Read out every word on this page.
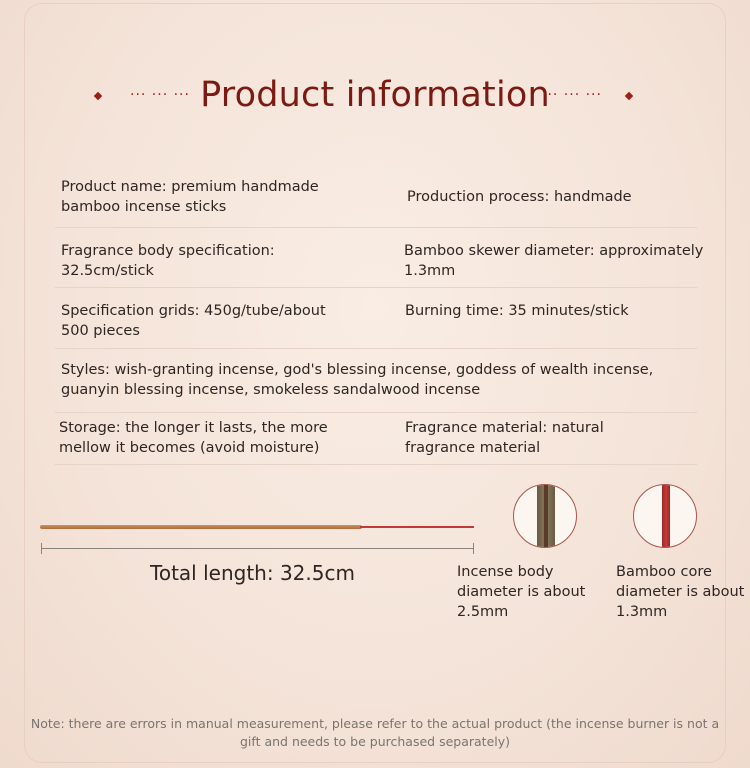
··· ··· ··· Product information
··· ··· ···
Product name: premium handmade bamboo incense sticks
Production process: handmade
Fragrance body specification: 32.5cm/stick
Bamboo skewer diameter: approximately 1.3mm
Specification grids: 450g/tube/about 500 pieces
Burning time: 35 minutes/stick
Styles: wish-granting incense, god's blessing incense, goddess of wealth incense, guanyin blessing incense, smokeless sandalwood incense
Storage: the longer it lasts, the more mellow it becomes (avoid moisture)
Fragrance material: natural fragrance material
Total length: 32.5cm	Incense body diameter is about 2.5mm
Bamboo core diameter is about 1.3mm
Note: there are errors in manual measurement, please refer to the actual product (the incense burner is not a gift and needs to be purchased separately)
